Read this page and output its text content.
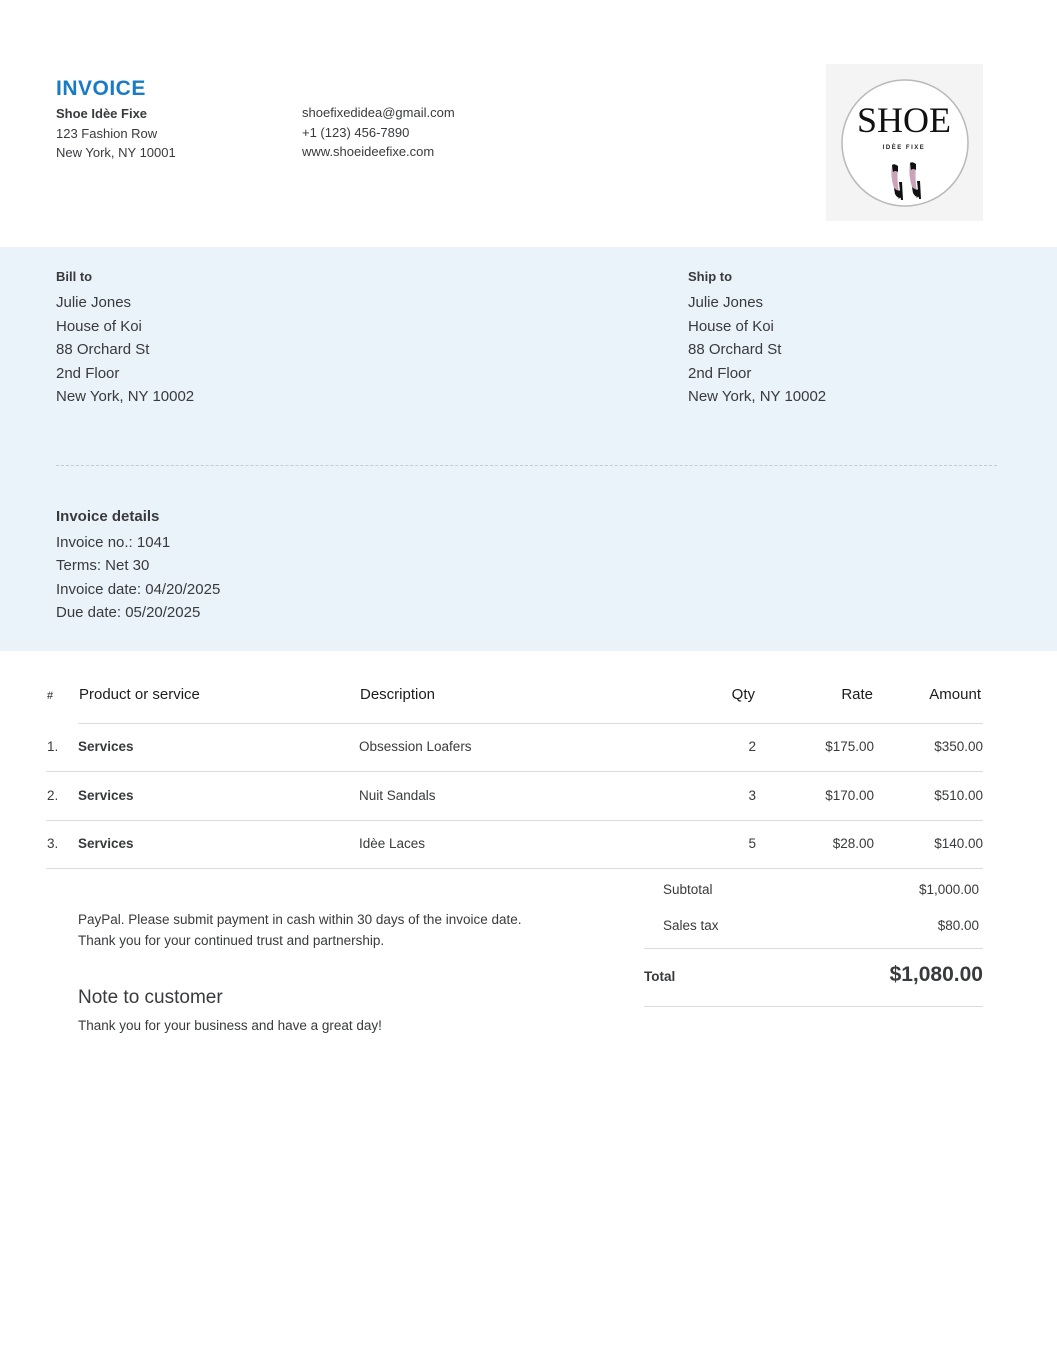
INVOICE
Shoe Idèe Fixe
123 Fashion Row
New York, NY 10001
shoefixedidea@gmail.com
+1 (123) 456-7890
www.shoeideefixe.com
SHOE
IDÈE FIXE
Bill to
Julie Jones
House of Koi
88 Orchard St
2nd Floor
New York, NY 10002
Ship to
Julie Jones
House of Koi
88 Orchard St
2nd Floor
New York, NY 10002
Invoice details
Invoice no.: 1041
Terms: Net 30
Invoice date: 04/20/2025
Due date: 05/20/2025
# Product or service	Description	Qty	Rate	Amount
1. Services	Obsession Loafers	2	$175.00	$350.00
2. Services	Nuit Sandals	3	$170.00	$510.00
3. Services	Idèe Laces	5	$28.00	$140.00
PayPal. Please submit payment in cash within 30 days of the invoice date. Thank you for your continued trust and partnership.
Note to customer
Thank you for your business and have a great day!
Subtotal	$1,000.00
Sales tax	$80.00
Total	$1,080.00
